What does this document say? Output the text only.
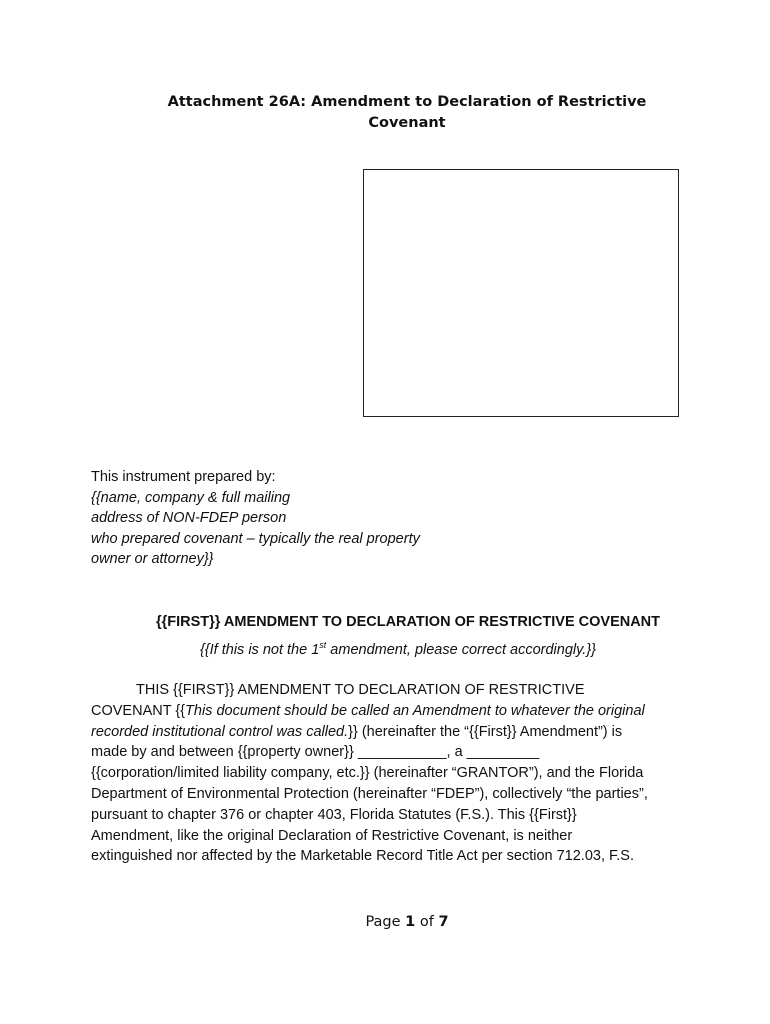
Attachment 26A: Amendment to Declaration of Restrictive
Covenant
This instrument prepared by:
{{name, company & full mailing
address of NON-FDEP person
who prepared covenant – typically the real property
owner or attorney}}
{{FIRST}} AMENDMENT TO DECLARATION OF RESTRICTIVE COVENANT
{{If this is not the 1st amendment, please correct accordingly.}}
THIS {{FIRST}} AMENDMENT TO DECLARATION OF RESTRICTIVE
COVENANT {{This document should be called an Amendment to whatever the original
recorded institutional control was called.}} (hereinafter the “{{First}} Amendment”) is
made by and between {{property owner}} ___________, a _________
{{corporation/limited liability company, etc.}} (hereinafter “GRANTOR”), and the Florida
Department of Environmental Protection (hereinafter “FDEP”), collectively “the parties”,
pursuant to chapter 376 or chapter 403, Florida Statutes (F.S.). This {{First}}
Amendment, like the original Declaration of Restrictive Covenant, is neither
extinguished nor affected by the Marketable Record Title Act per section 712.03, F.S.
Page 1 of 7
